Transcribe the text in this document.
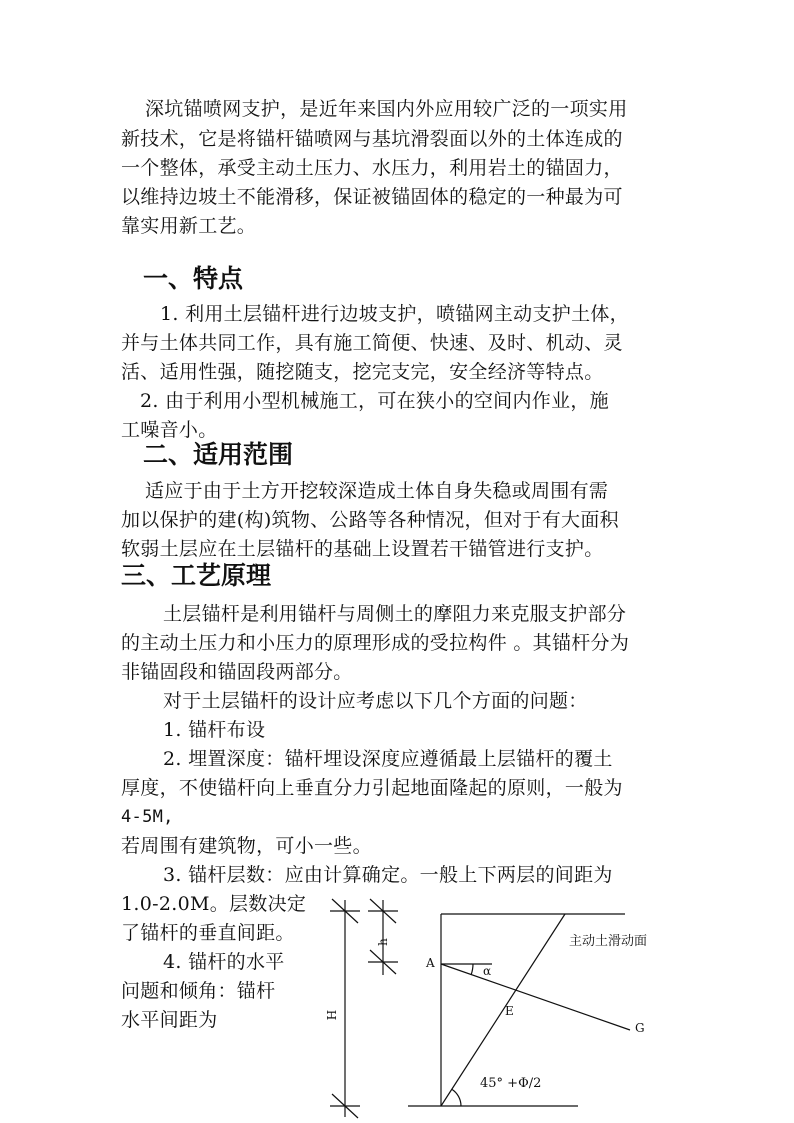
深坑锚喷网支护，是近年来国内外应用较广泛的一项实用
新技术，它是将锚杆锚喷网与基坑滑裂面以外的土体连成的
一个整体，承受主动土压力、水压力，利用岩土的锚固力，
以维持边坡土不能滑移，保证被锚固体的稳定的一种最为可
靠实用新工艺。
一、特点
1. 利用土层锚杆进行边坡支护，喷锚网主动支护土体，
并与土体共同工作，具有施工简便、快速、及时、机动、灵
活、适用性强，随挖随支，挖完支完，安全经济等特点。
2. 由于利用小型机械施工，可在狭小的空间内作业，施
工噪音小。
二、适用范围
适应于由于土方开挖较深造成土体自身失稳或周围有需
加以保护的建(构)筑物、公路等各种情况，但对于有大面积
软弱土层应在土层锚杆的基础上设置若干锚管进行支护。
三、工艺原理
土层锚杆是利用锚杆与周侧土的摩阻力来克服支护部分
的主动土压力和小压力的原理形成的受拉构件 。其锚杆分为
非锚固段和锚固段两部分。
对于土层锚杆的设计应考虑以下几个方面的问题：
1. 锚杆布设
2. 埋置深度：锚杆埋设深度应遵循最上层锚杆的覆土
厚度，不使锚杆向上垂直分力引起地面隆起的原则，一般为
4-5M,
若周围有建筑物，可小一些。
3. 锚杆层数：应由计算确定。一般上下两层的间距为
1.0-2.0M。层数决定
了锚杆的垂直间距。
4. 锚杆的水平
问题和倾角：锚杆
水平间距为
h
H
A
α
E
G
主动土滑动面
45° +Φ/2
